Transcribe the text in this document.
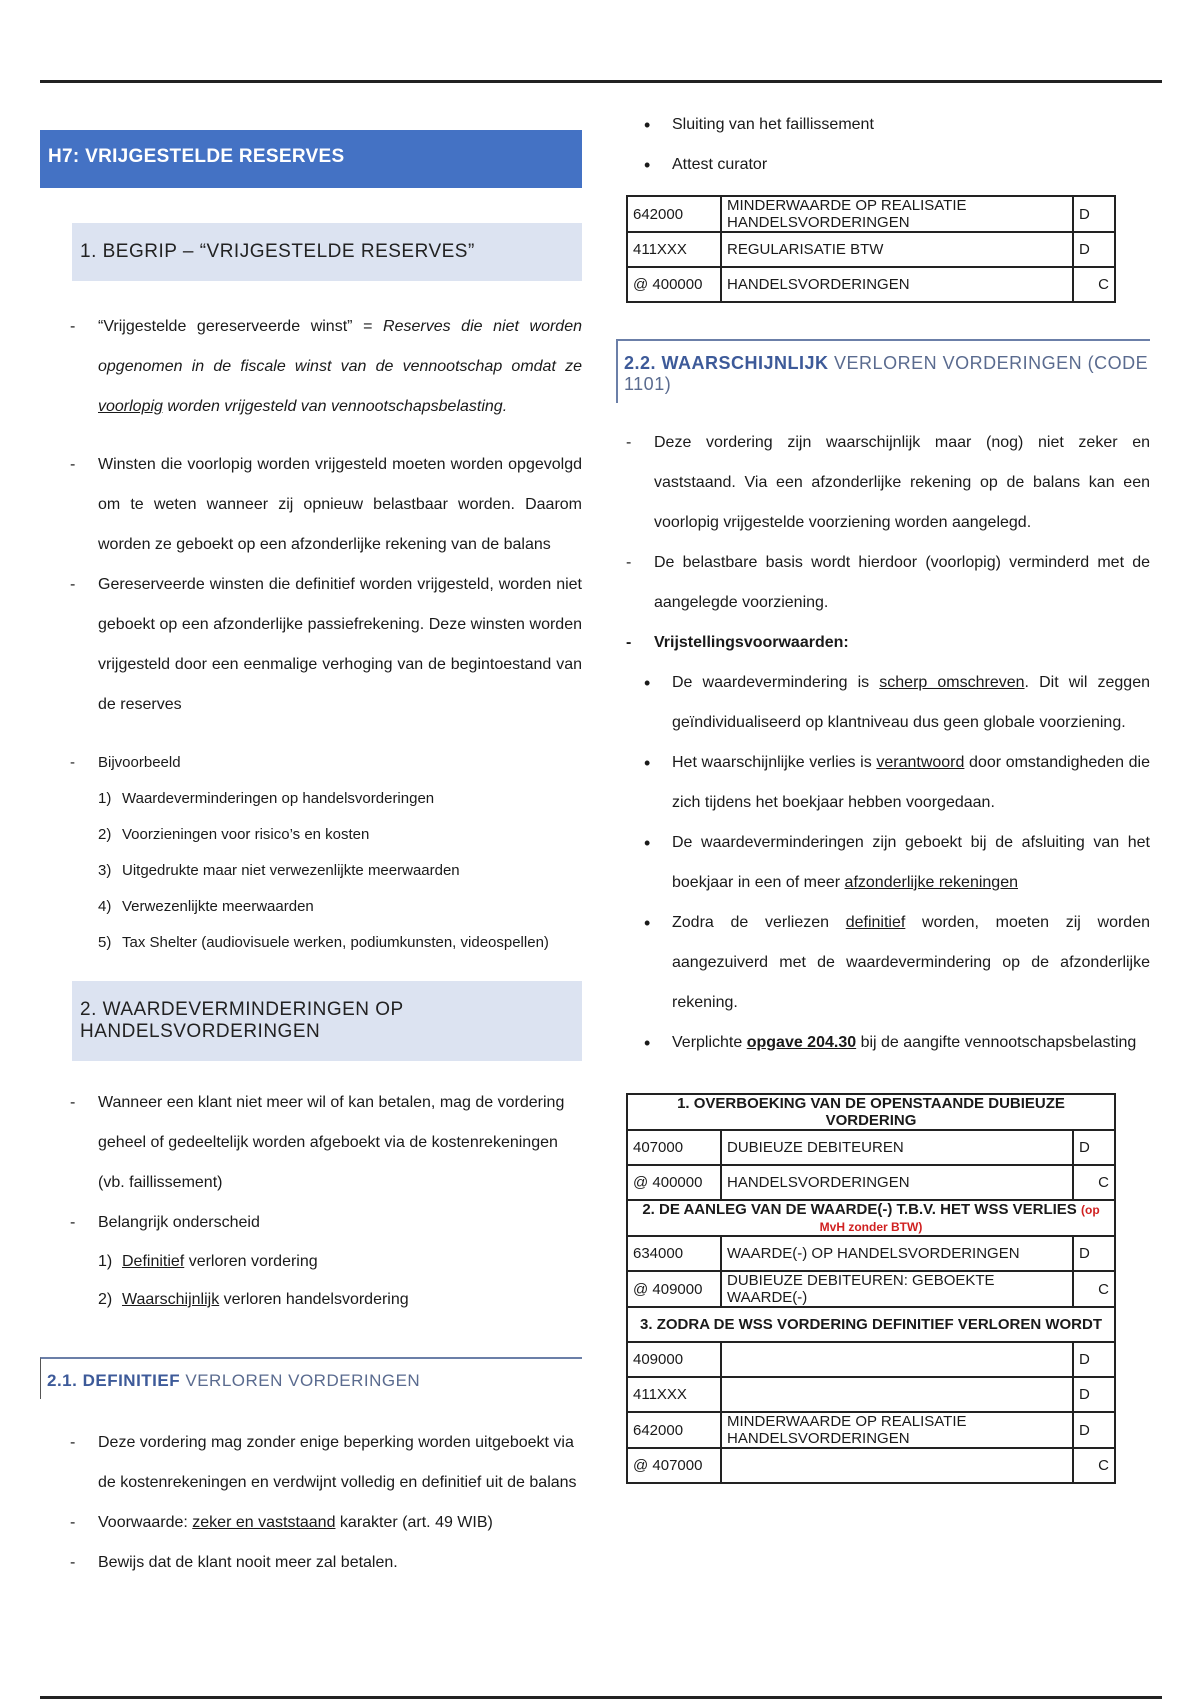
H7: VRIJGESTELDE RESERVES
1. BEGRIP – “VRIJGESTELDE RESERVES”
- “Vrijgestelde gereserveerde winst” = Reserves die niet worden opgenomen in de fiscale winst van de vennootschap omdat ze voorlopig worden vrijgesteld van vennootschapsbelasting.
- Winsten die voorlopig worden vrijgesteld moeten worden opgevolgd om te weten wanneer zij opnieuw belastbaar worden. Daarom worden ze geboekt op een afzonderlijke rekening van de balans
- Gereserveerde winsten die definitief worden vrijgesteld, worden niet geboekt op een afzonderlijke passiefrekening. Deze winsten worden vrijgesteld door een eenmalige verhoging van de begintoestand van de reserves
- Bijvoorbeeld
1) Waardeverminderingen op handelsvorderingen
2) Voorzieningen voor risico’s en kosten
3) Uitgedrukte maar niet verwezenlijkte meerwaarden
4) Verwezenlijkte meerwaarden
5) Tax Shelter (audiovisuele werken, podiumkunsten, videospellen)
2. WAARDEVERMINDERINGEN OP HANDELSVORDERINGEN
- Wanneer een klant niet meer wil of kan betalen, mag de vordering geheel of gedeeltelijk worden afgeboekt via de kostenrekeningen (vb. faillissement)
- Belangrijk onderscheid
1) Definitief verloren vordering
2) Waarschijnlijk verloren handelsvordering
2.1. DEFINITIEF VERLOREN VORDERINGEN
- Deze vordering mag zonder enige beperking worden uitgeboekt via de kostenrekeningen en verdwijnt volledig en definitief uit de balans
- Voorwaarde: zeker en vaststaand karakter (art. 49 WIB)
- Bewijs dat de klant nooit meer zal betalen.
• Sluiting van het faillissement
• Attest curator
642000	MINDERWAARDE OP REALISATIE HANDELSVORDERINGEN	D
411XXX	REGULARISATIE BTW	D
@ 400000	HANDELSVORDERINGEN	C
2.2. WAARSCHIJNLIJK VERLOREN VORDERINGEN (CODE 1101)
- Deze vordering zijn waarschijnlijk maar (nog) niet zeker en vaststaand. Via een afzonderlijke rekening op de balans kan een voorlopig vrijgestelde voorziening worden aangelegd.
- De belastbare basis wordt hierdoor (voorlopig) verminderd met de aangelegde voorziening.
- Vrijstellingsvoorwaarden:
• De waardevermindering is scherp omschreven. Dit wil zeggen geïndividualiseerd op klantniveau dus geen globale voorziening.
• Het waarschijnlijke verlies is verantwoord door omstandigheden die zich tijdens het boekjaar hebben voorgedaan.
• De waardeverminderingen zijn geboekt bij de afsluiting van het boekjaar in een of meer afzonderlijke rekeningen
• Zodra de verliezen definitief worden, moeten zij worden aangezuiverd met de waardevermindering op de afzonderlijke rekening.
• Verplichte opgave 204.30 bij de aangifte vennootschapsbelasting
1. OVERBOEKING VAN DE OPENSTAANDE DUBIEUZE VORDERING		
407000	DUBIEUZE DEBITEUREN	D
@ 400000	HANDELSVORDERINGEN	C
2. DE AANLEG VAN DE WAARDE(-) T.B.V. HET WSS VERLIES (op MvH zonder BTW)		
634000	WAARDE(-) OP HANDELSVORDERINGEN	D
@ 409000	DUBIEUZE DEBITEUREN: GEBOEKTE WAARDE(-)	C
3. ZODRA DE WSS VORDERING DEFINITIEF VERLOREN WORDT		
409000		D
411XXX		D
642000	MINDERWAARDE OP REALISATIE HANDELSVORDERINGEN	D
@ 407000		C
